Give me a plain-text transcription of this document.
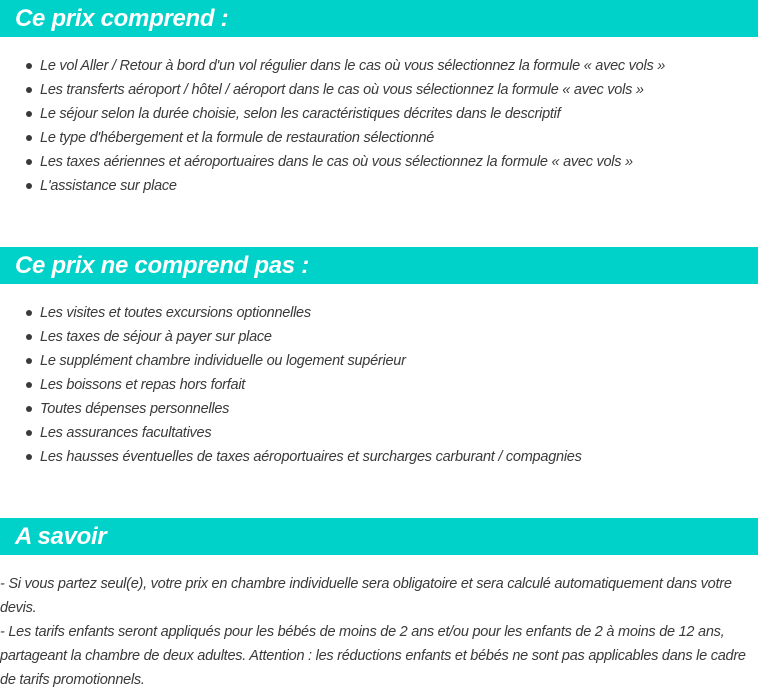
Ce prix comprend :
Le vol Aller / Retour à bord d'un vol régulier dans le cas où vous sélectionnez la formule « avec vols »
Les transferts aéroport / hôtel / aéroport dans le cas où vous sélectionnez la formule « avec vols »
Le séjour selon la durée choisie, selon les caractéristiques décrites dans le descriptif
Le type d'hébergement et la formule de restauration sélectionné
Les taxes aériennes et aéroportuaires dans le cas où vous sélectionnez la formule « avec vols »
L'assistance sur place
Ce prix ne comprend pas :
Les visites et toutes excursions optionnelles
Les taxes de séjour à payer sur place
Le supplément chambre individuelle ou logement supérieur
Les boissons et repas hors forfait
Toutes dépenses personnelles
Les assurances facultatives
Les hausses éventuelles de taxes aéroportuaires et surcharges carburant / compagnies
A savoir

- Si vous partez seul(e), votre prix en chambre individuelle sera obligatoire et sera calculé automatiquement dans votre devis.

- Les tarifs enfants seront appliqués pour les bébés de moins de 2 ans et/ou pour les enfants de 2 à moins de 12 ans, partageant la chambre de deux adultes. Attention : les réductions enfants et bébés ne sont pas applicables dans le cadre de tarifs promotionnels.
